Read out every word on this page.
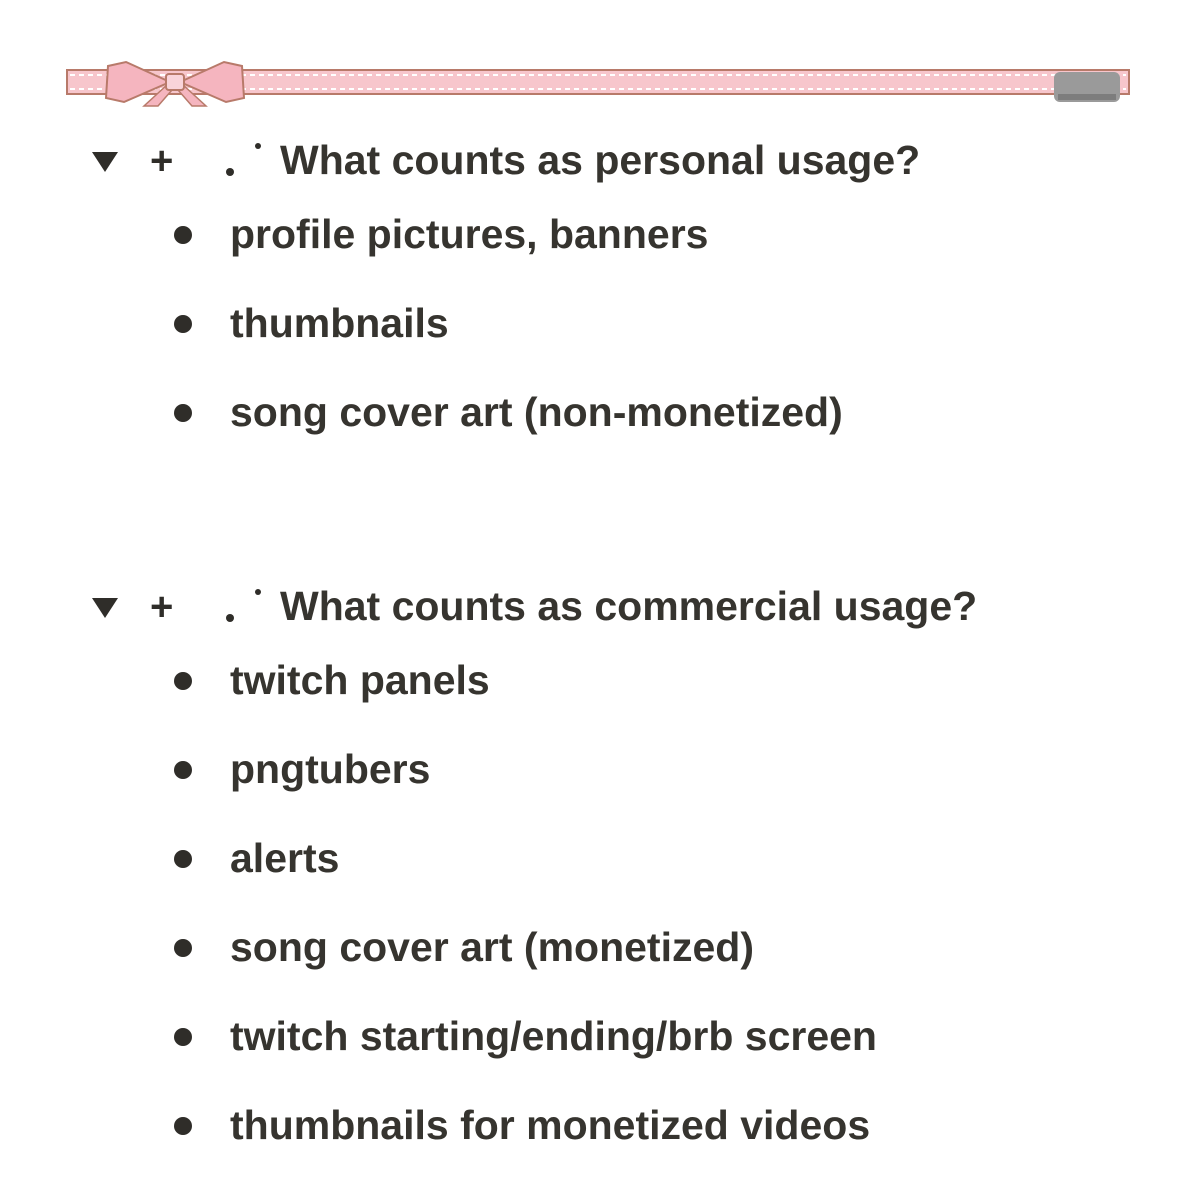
+	What counts as personal usage?
profile pictures, banners
thumbnails
song cover art (non-monetized)
+	What counts as commercial usage?
twitch panels
pngtubers
alerts
song cover art (monetized)
twitch starting/ending/brb screen
thumbnails for monetized videos
